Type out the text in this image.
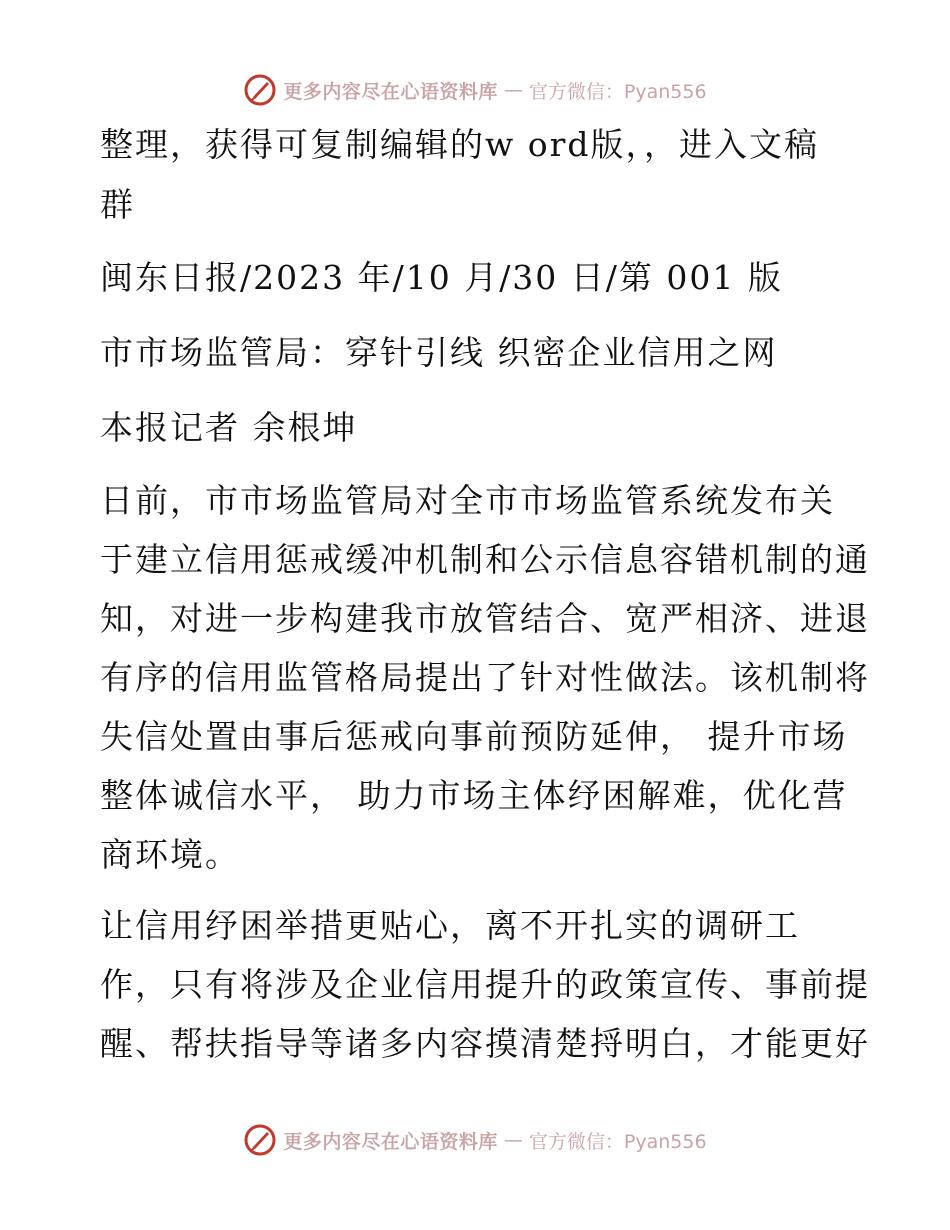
更多内容尽在心语资料库 — 官方微信：Pyan556
整理，获得可复制编辑的w ord版，，进入文稿
群
闽东日报/2023 年/10 月/30 日/第 001 版
市市场监管局：穿针引线 织密企业信用之网
本报记者 余根坤
日前，市市场监管局对全市市场监管系统发布关
于建立信用惩戒缓冲机制和公示信息容错机制的通
知，对进一步构建我市放管结合、宽严相济、进退
有序的信用监管格局提出了针对性做法。该机制将
失信处置由事后惩戒向事前预防延伸， 提升市场
整体诚信水平， 助力市场主体纾困解难，优化营
商环境。
让信用纾困举措更贴心，离不开扎实的调研工
作，只有将涉及企业信用提升的政策宣传、事前提
醒、帮扶指导等诸多内容摸清楚捋明白，才能更好
更多内容尽在心语资料库 — 官方微信：Pyan556
